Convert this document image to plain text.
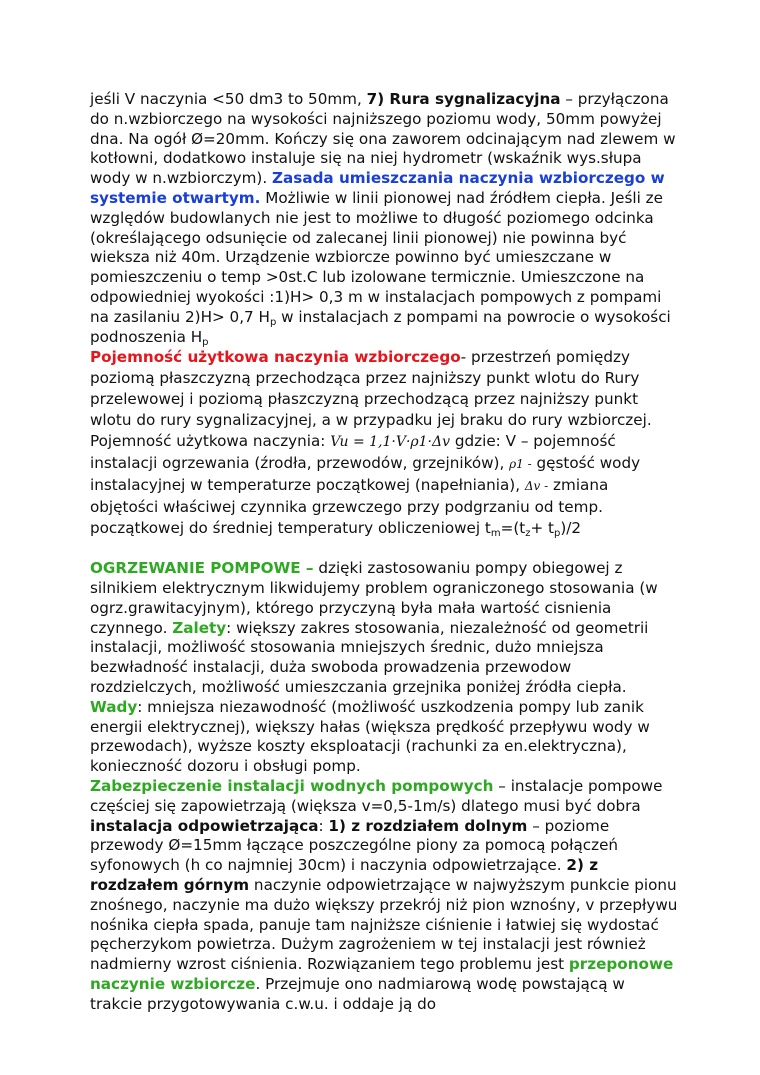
jeśli V naczynia <50 dm3 to 50mm, 7) Rura sygnalizacyjna – przyłączona do n.wzbiorczego na wysokości najniższego poziomu wody, 50mm powyżej dna. Na ogół Ø=20mm. Kończy się ona zaworem odcinającym nad zlewem w kotłowni, dodatkowo instaluje się na niej hydrometr (wskaźnik wys.słupa wody w n.wzbiorczym). Zasada umieszczania naczynia wzbiorczego w systemie otwartym. Możliwie w linii pionowej nad źródłem ciepła. Jeśli ze względów budowlanych nie jest to możliwe to długość poziomego odcinka (określającego odsunięcie od zalecanej linii pionowej) nie powinna być wieksza niż 40m. Urządzenie wzbiorcze powinno być umieszczane w pomieszczeniu o temp >0st.C lub izolowane termicznie. Umieszczone na odpowiedniej wyokości :1)H> 0,3 m w instalacjach pompowych z pompami na zasilaniu 2)H> 0,7 $H_p$ w instalacjach z pompami na powrocie o wysokości podnoszenia $H_p$

Pojemność użytkowa naczynia wzbiorczego- przestrzeń pomiędzy poziomą płaszczyzną przechodząca przez najniższy punkt wlotu do Rury przelewowej i poziomą płaszczyzną przechodzącą przez najniższy punkt wlotu do rury sygnalizacyjnej, a w przypadku jej braku do rury wzbiorczej. Pojemność użytkowa naczynia: Vu = 1,1·V·ρ1·Δv gdzie: V – pojemność instalacji ogrzewania (źrodła, przewodów, grzejników), ρ1 - gęstość wody instalacyjnej w temperaturze początkowej (napełniania), Δv - zmiana objętości właściwej czynnika grzewczego przy podgrzaniu od temp. początkowej do średniej temperatury obliczeniowej $t_m=(t_z+ t_p)/2$

OGRZEWANIE POMPOWE – dzięki zastosowaniu pompy obiegowej z silnikiem elektrycznym likwidujemy problem ograniczonego stosowania (w ogrz.grawitacyjnym), którego przyczyną była mała wartość cisnienia czynnego. Zalety: większy zakres stosowania, niezależność od geometrii instalacji, możliwość stosowania mniejszych średnic, dużo mniejsza bezwładność instalacji, duża swoboda prowadzenia przewodow rozdzielczych, możliwość umieszczania grzejnika poniżej źródła ciepła. Wady: mniejsza niezawodność (możliwość uszkodzenia pompy lub zanik energii elektrycznej), większy hałas (większa prędkość przepływu wody w przewodach), wyższe koszty eksploatacji (rachunki za en.elektryczna), konieczność dozoru i obsługi pomp.

Zabezpieczenie instalacji wodnych pompowych – instalacje pompowe częściej się zapowietrzają (większa v=0,5-1m/s) dlatego musi być dobra instalacja odpowietrzająca: 1) z rozdziałem dolnym – poziome przewody Ø=15mm łączące poszczególne piony za pomocą połączeń syfonowych (h co najmniej 30cm) i naczynia odpowietrzające. 2) z rozdzałem górnym naczynie odpowietrzające w najwyższym punkcie pionu znośnego, naczynie ma dużo większy przekrój niż pion wznośny, v przepływu nośnika ciepła spada, panuje tam najniższe ciśnienie i łatwiej się wydostać pęcherzykom powietrza. Dużym zagrożeniem w tej instalacji jest również nadmierny wzrost ciśnienia. Rozwiązaniem tego problemu jest przeponowe naczynie wzbiorcze. Przejmuje ono nadmiarową wodę powstającą w trakcie przygotowywania c.w.u. i oddaje ją do
